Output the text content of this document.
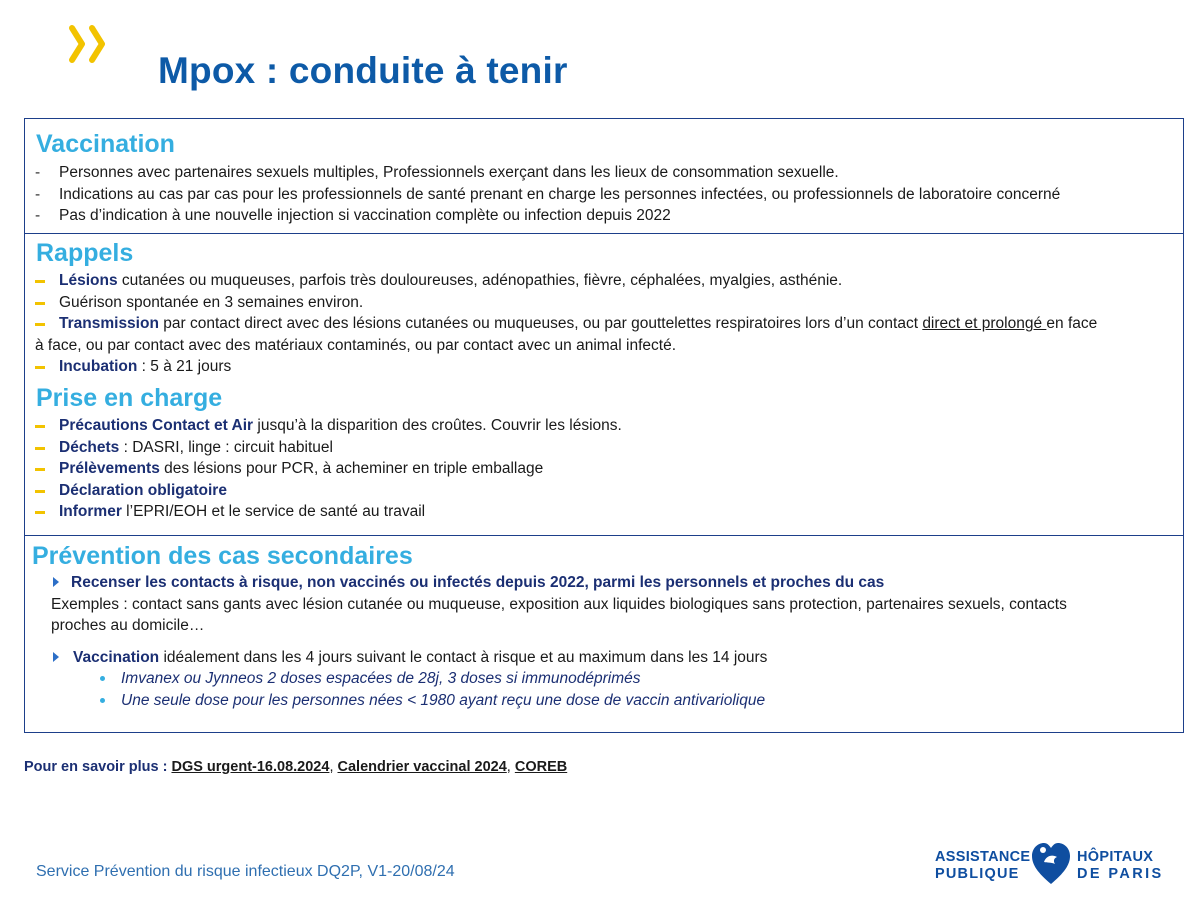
Mpox : conduite à tenir
Vaccination
- Personnes avec partenaires sexuels multiples, Professionnels exerçant dans les lieux de consommation sexuelle.
- Indications au cas par cas pour les professionnels de santé prenant en charge les personnes infectées, ou professionnels de laboratoire concerné
- Pas d’indication à une nouvelle injection si vaccination complète ou infection depuis 2022
Rappels
Lésions cutanées ou muqueuses, parfois très douloureuses, adénopathies, fièvre, céphalées, myalgies, asthénie.
Guérison spontanée en 3 semaines environ.
Transmission par contact direct avec des lésions cutanées ou muqueuses, ou par gouttelettes respiratoires lors d’un contact direct et prolongé en face
à face, ou par contact avec des matériaux contaminés, ou par contact avec un animal infecté.
Incubation : 5 à 21 jours
Prise en charge
Précautions Contact et Air jusqu’à la disparition des croûtes. Couvrir les lésions.
Déchets : DASRI, linge : circuit habituel
Prélèvements des lésions pour PCR, à acheminer en triple emballage
Déclaration obligatoire
Informer l’EPRI/EOH et le service de santé au travail
Prévention des cas secondaires
Recenser les contacts à risque, non vaccinés ou infectés depuis 2022, parmi les personnels et proches du cas
Exemples : contact sans gants avec lésion cutanée ou muqueuse, exposition aux liquides biologiques sans protection, partenaires sexuels, contacts
proches au domicile…
Vaccination idéalement dans les 4 jours suivant le contact à risque et au maximum dans les 14 jours
Imvanex ou Jynneos 2 doses espacées de 28j, 3 doses si immunodéprimés
Une seule dose pour les personnes nées < 1980 ayant reçu une dose de vaccin antivariolique
Pour en savoir plus : DGS urgent-16.08.2024, Calendrier vaccinal 2024, COREB
Service Prévention du risque infectieux DQ2P, V1-20/08/24
ASSISTANCE
PUBLIQUE
HÔPITAUX
DE PARIS
